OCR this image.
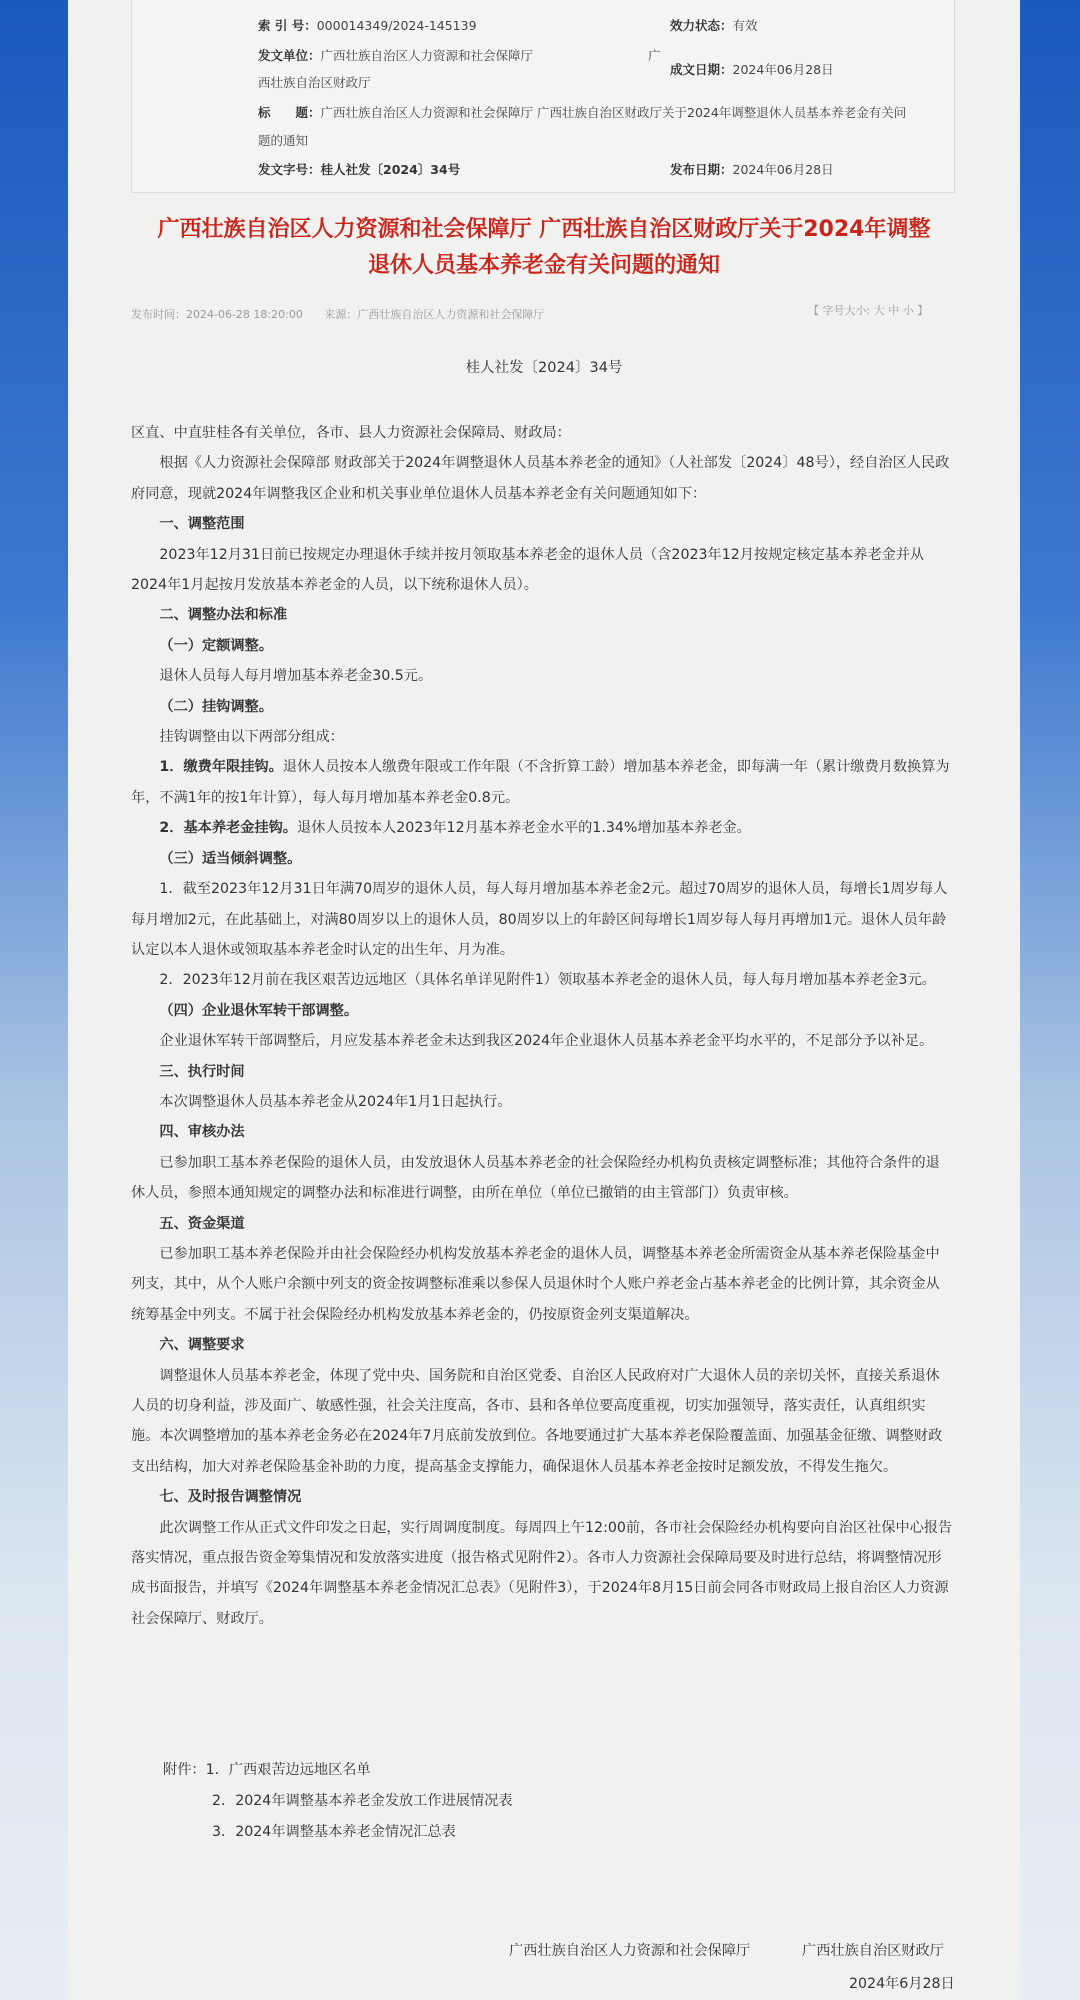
索 引 号：000014349/2024-145139	效力状态：有效
发文单位：广西壮族自治区人力资源和社会保障厅	广
西壮族自治区财政厅
成文日期：2024年06月28日
标　　题：广西壮族自治区人力资源和社会保障厅 广西壮族自治区财政厅关于2024年调整退休人员基本养老金有关问
题的通知
发文字号：桂人社发〔2024〕34号	发布日期：2024年06月28日
广西壮族自治区人力资源和社会保障厅 广西壮族自治区财政厅关于2024年调整
退休人员基本养老金有关问题的通知
发布时间：2024-06-28 18:20:00 来源：广西壮族自治区人力资源和社会保障厅	【 字号大小: 大 中 小 】
桂人社发〔2024〕34号

区直、中直驻桂各有关单位，各市、县人力资源社会保障局、财政局：

根据《人力资源社会保障部 财政部关于2024年调整退休人员基本养老金的通知》（人社部发〔2024〕48号），经自治区人民政府同意，现就2024年调整我区企业和机关事业单位退休人员基本养老金有关问题通知如下：

一、调整范围

2023年12月31日前已按规定办理退休手续并按月领取基本养老金的退休人员（含2023年12月按规定核定基本养老金并从2024年1月起按月发放基本养老金的人员，以下统称退休人员）。

二、调整办法和标准

（一）定额调整。

退休人员每人每月增加基本养老金30.5元。

（二）挂钩调整。

挂钩调整由以下两部分组成：

1．缴费年限挂钩。退休人员按本人缴费年限或工作年限（不含折算工龄）增加基本养老金，即每满一年（累计缴费月数换算为年，不满1年的按1年计算），每人每月增加基本养老金0.8元。

2．基本养老金挂钩。退休人员按本人2023年12月基本养老金水平的1.34%增加基本养老金。

（三）适当倾斜调整。

1．截至2023年12月31日年满70周岁的退休人员，每人每月增加基本养老金2元。超过70周岁的退休人员，每增长1周岁每人每月增加2元，在此基础上，对满80周岁以上的退休人员，80周岁以上的年龄区间每增长1周岁每人每月再增加1元。退休人员年龄认定以本人退休或领取基本养老金时认定的出生年、月为准。

2．2023年12月前在我区艰苦边远地区（具体名单详见附件1）领取基本养老金的退休人员，每人每月增加基本养老金3元。

（四）企业退休军转干部调整。

企业退休军转干部调整后，月应发基本养老金未达到我区2024年企业退休人员基本养老金平均水平的，不足部分予以补足。

三、执行时间

本次调整退休人员基本养老金从2024年1月1日起执行。

四、审核办法

已参加职工基本养老保险的退休人员，由发放退休人员基本养老金的社会保险经办机构负责核定调整标准；其他符合条件的退休人员，参照本通知规定的调整办法和标准进行调整，由所在单位（单位已撤销的由主管部门）负责审核。

五、资金渠道

已参加职工基本养老保险并由社会保险经办机构发放基本养老金的退休人员，调整基本养老金所需资金从基本养老保险基金中列支，其中，从个人账户余额中列支的资金按调整标准乘以参保人员退休时个人账户养老金占基本养老金的比例计算，其余资金从统筹基金中列支。不属于社会保险经办机构发放基本养老金的，仍按原资金列支渠道解决。

六、调整要求

调整退休人员基本养老金，体现了党中央、国务院和自治区党委、自治区人民政府对广大退休人员的亲切关怀，直接关系退休人员的切身利益，涉及面广、敏感性强，社会关注度高，各市、县和各单位要高度重视，切实加强领导，落实责任，认真组织实施。本次调整增加的基本养老金务必在2024年7月底前发放到位。各地要通过扩大基本养老保险覆盖面、加强基金征缴、调整财政支出结构，加大对养老保险基金补助的力度，提高基金支撑能力，确保退休人员基本养老金按时足额发放，不得发生拖欠。

七、及时报告调整情况

此次调整工作从正式文件印发之日起，实行周调度制度。每周四上午12:00前，各市社会保险经办机构要向自治区社保中心报告落实情况，重点报告资金筹集情况和发放落实进度（报告格式见附件2）。各市人力资源社会保障局要及时进行总结，将调整情况形成书面报告，并填写《2024年调整基本养老金情况汇总表》（见附件3），于2024年8月15日前会同各市财政局上报自治区人力资源社会保障厅、财政厅。

附件：1．广西艰苦边远地区名单
2．2024年调整基本养老金发放工作进展情况表
3．2024年调整基本养老金情况汇总表
广西壮族自治区人力资源和社会保障厅	广西壮族自治区财政厅
2024年6月28日
